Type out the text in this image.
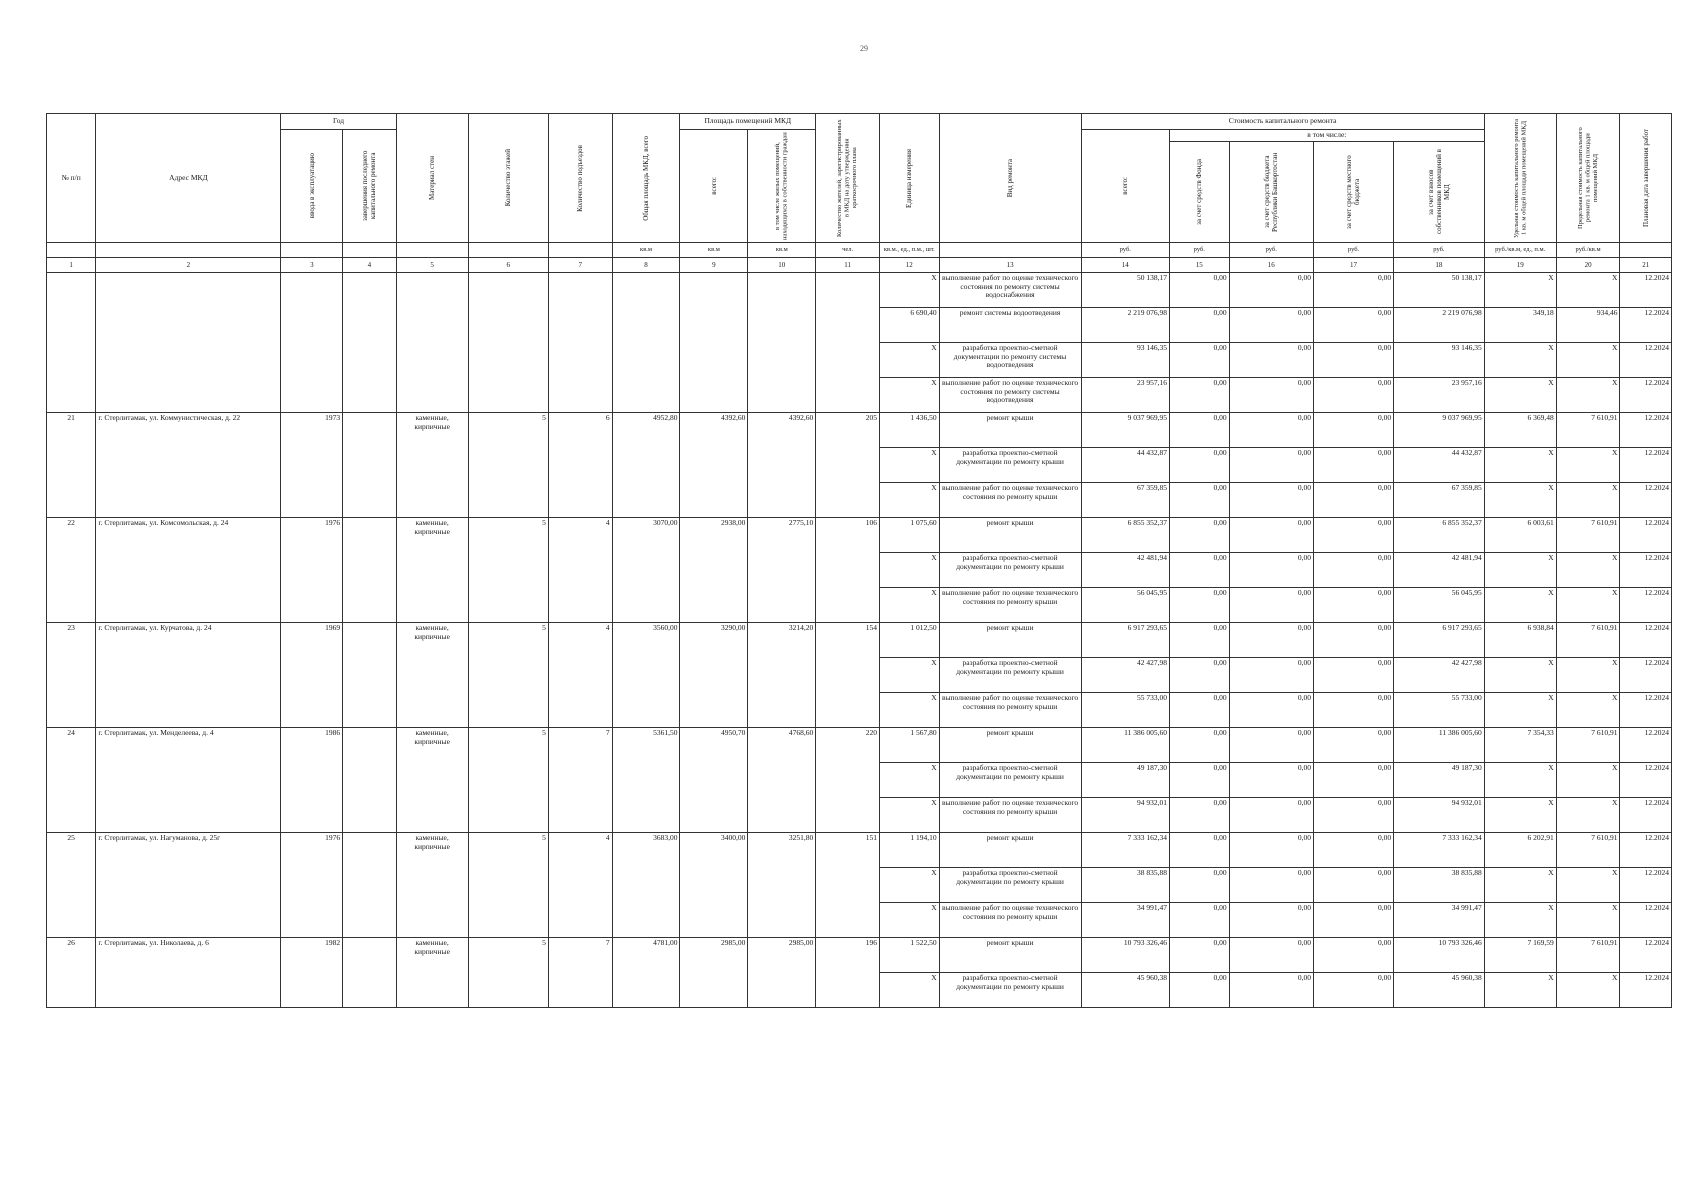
29
№ п/п	Адрес МКД	Год		Материал стен	Количество этажей	Количество подъездов	Общая площадь МКД, всего	Площадь помещений МКД		Количество жителей, зарегистрированных в МКД на дату утверждения краткосрочного плана	Единица измерения	Вид ремонта	Стоимость капитального ремонта					Удельная стоимость капитального ремонта 1 кв. м общей площади помещений МКД	Предельная стоимость капитального ремонта 1 кв. м общей площади помещений МКД	Плановая дата завершения работ

		ввода в эксплуатацию	завершения последнего капитального ремонта					всего:	в том числе жилых помещений, находящихся в собственности граждан				всего:	в том числе:						

														за счет средств Фонда	за счет средств бюджета Республики Башкортостан	за счет средств местного бюджета	за счет взносов собственников помещений в МКД			

							кв.м	кв.м	кв.м	чел.	кв.м., ед., п.м., шт.		руб.	руб.	руб.	руб.	руб.	руб./кв.м, ед., п.м.	руб./кв.м	
1	2	3	4	5	6	7	8	9	10	11	12	13	14	15	16	17	18	19	20	21
											X	выполнение работ по оценке технического состояния по ремонту системы водоснабжения	50 138,17	0,00	0,00	0,00	50 138,17	X	X	12.2024
											6 690,40	ремонт системы водоотведения	2 219 076,98	0,00	0,00	0,00	2 219 076,98	349,18	934,46	12.2024
											X	разработка проектно-сметной документации по ремонту системы водоотведения	93 146,35	0,00	0,00	0,00	93 146,35	X	X	12.2024
											X	выполнение работ по оценке технического состояния по ремонту системы водоотведения	23 957,16	0,00	0,00	0,00	23 957,16	X	X	12.2024
21	г. Стерлитамак, ул. Коммунистическая, д. 22	1973		каменные, кирпичные	5	6	4952,80	4392,60	4392,60	205	1 436,50	ремонт крыши	9 037 969,95	0,00	0,00	0,00	9 037 969,95	6 369,48	7 610,91	12.2024
											X	разработка проектно-сметной документации по ремонту крыши	44 432,87	0,00	0,00	0,00	44 432,87	X	X	12.2024
											X	выполнение работ по оценке технического состояния по ремонту крыши	67 359,85	0,00	0,00	0,00	67 359,85	X	X	12.2024
22	г. Стерлитамак, ул. Комсомольская, д. 24	1976		каменные, кирпичные	5	4	3070,00	2938,00	2775,10	106	1 075,60	ремонт крыши	6 855 352,37	0,00	0,00	0,00	6 855 352,37	6 003,61	7 610,91	12.2024
											X	разработка проектно-сметной документации по ремонту крыши	42 481,94	0,00	0,00	0,00	42 481,94	X	X	12.2024
											X	выполнение работ по оценке технического состояния по ремонту крыши	56 045,95	0,00	0,00	0,00	56 045,95	X	X	12.2024
23	г. Стерлитамак, ул. Курчатова, д. 24	1969		каменные, кирпичные	5	4	3560,00	3290,00	3214,20	154	1 012,50	ремонт крыши	6 917 293,65	0,00	0,00	0,00	6 917 293,65	6 938,84	7 610,91	12.2024
											X	разработка проектно-сметной документации по ремонту крыши	42 427,98	0,00	0,00	0,00	42 427,98	X	X	12.2024
											X	выполнение работ по оценке технического состояния по ремонту крыши	55 733,00	0,00	0,00	0,00	55 733,00	X	X	12.2024
24	г. Стерлитамак, ул. Менделеева, д. 4	1986		каменные, кирпичные	5	7	5361,50	4950,70	4768,60	220	1 567,80	ремонт крыши	11 386 005,60	0,00	0,00	0,00	11 386 005,60	7 354,33	7 610,91	12.2024
											X	разработка проектно-сметной документации по ремонту крыши	49 187,30	0,00	0,00	0,00	49 187,30	X	X	12.2024
											X	выполнение работ по оценке технического состояния по ремонту крыши	94 932,01	0,00	0,00	0,00	94 932,01	X	X	12.2024
25	г. Стерлитамак, ул. Нагуманова, д. 25г	1976		каменные, кирпичные	5	4	3683,00	3400,00	3251,80	151	1 194,10	ремонт крыши	7 333 162,34	0,00	0,00	0,00	7 333 162,34	6 202,91	7 610,91	12.2024
											X	разработка проектно-сметной документации по ремонту крыши	38 835,88	0,00	0,00	0,00	38 835,88	X	X	12.2024
											X	выполнение работ по оценке технического состояния по ремонту крыши	34 991,47	0,00	0,00	0,00	34 991,47	X	X	12.2024
26	г. Стерлитамак, ул. Николаева, д. 6	1982		каменные, кирпичные	5	7	4781,00	2985,00	2985,00	196	1 522,50	ремонт крыши	10 793 326,46	0,00	0,00	0,00	10 793 326,46	7 169,59	7 610,91	12.2024
											X	разработка проектно-сметной документации по ремонту крыши	45 960,38	0,00	0,00	0,00	45 960,38	X	X	12.2024
